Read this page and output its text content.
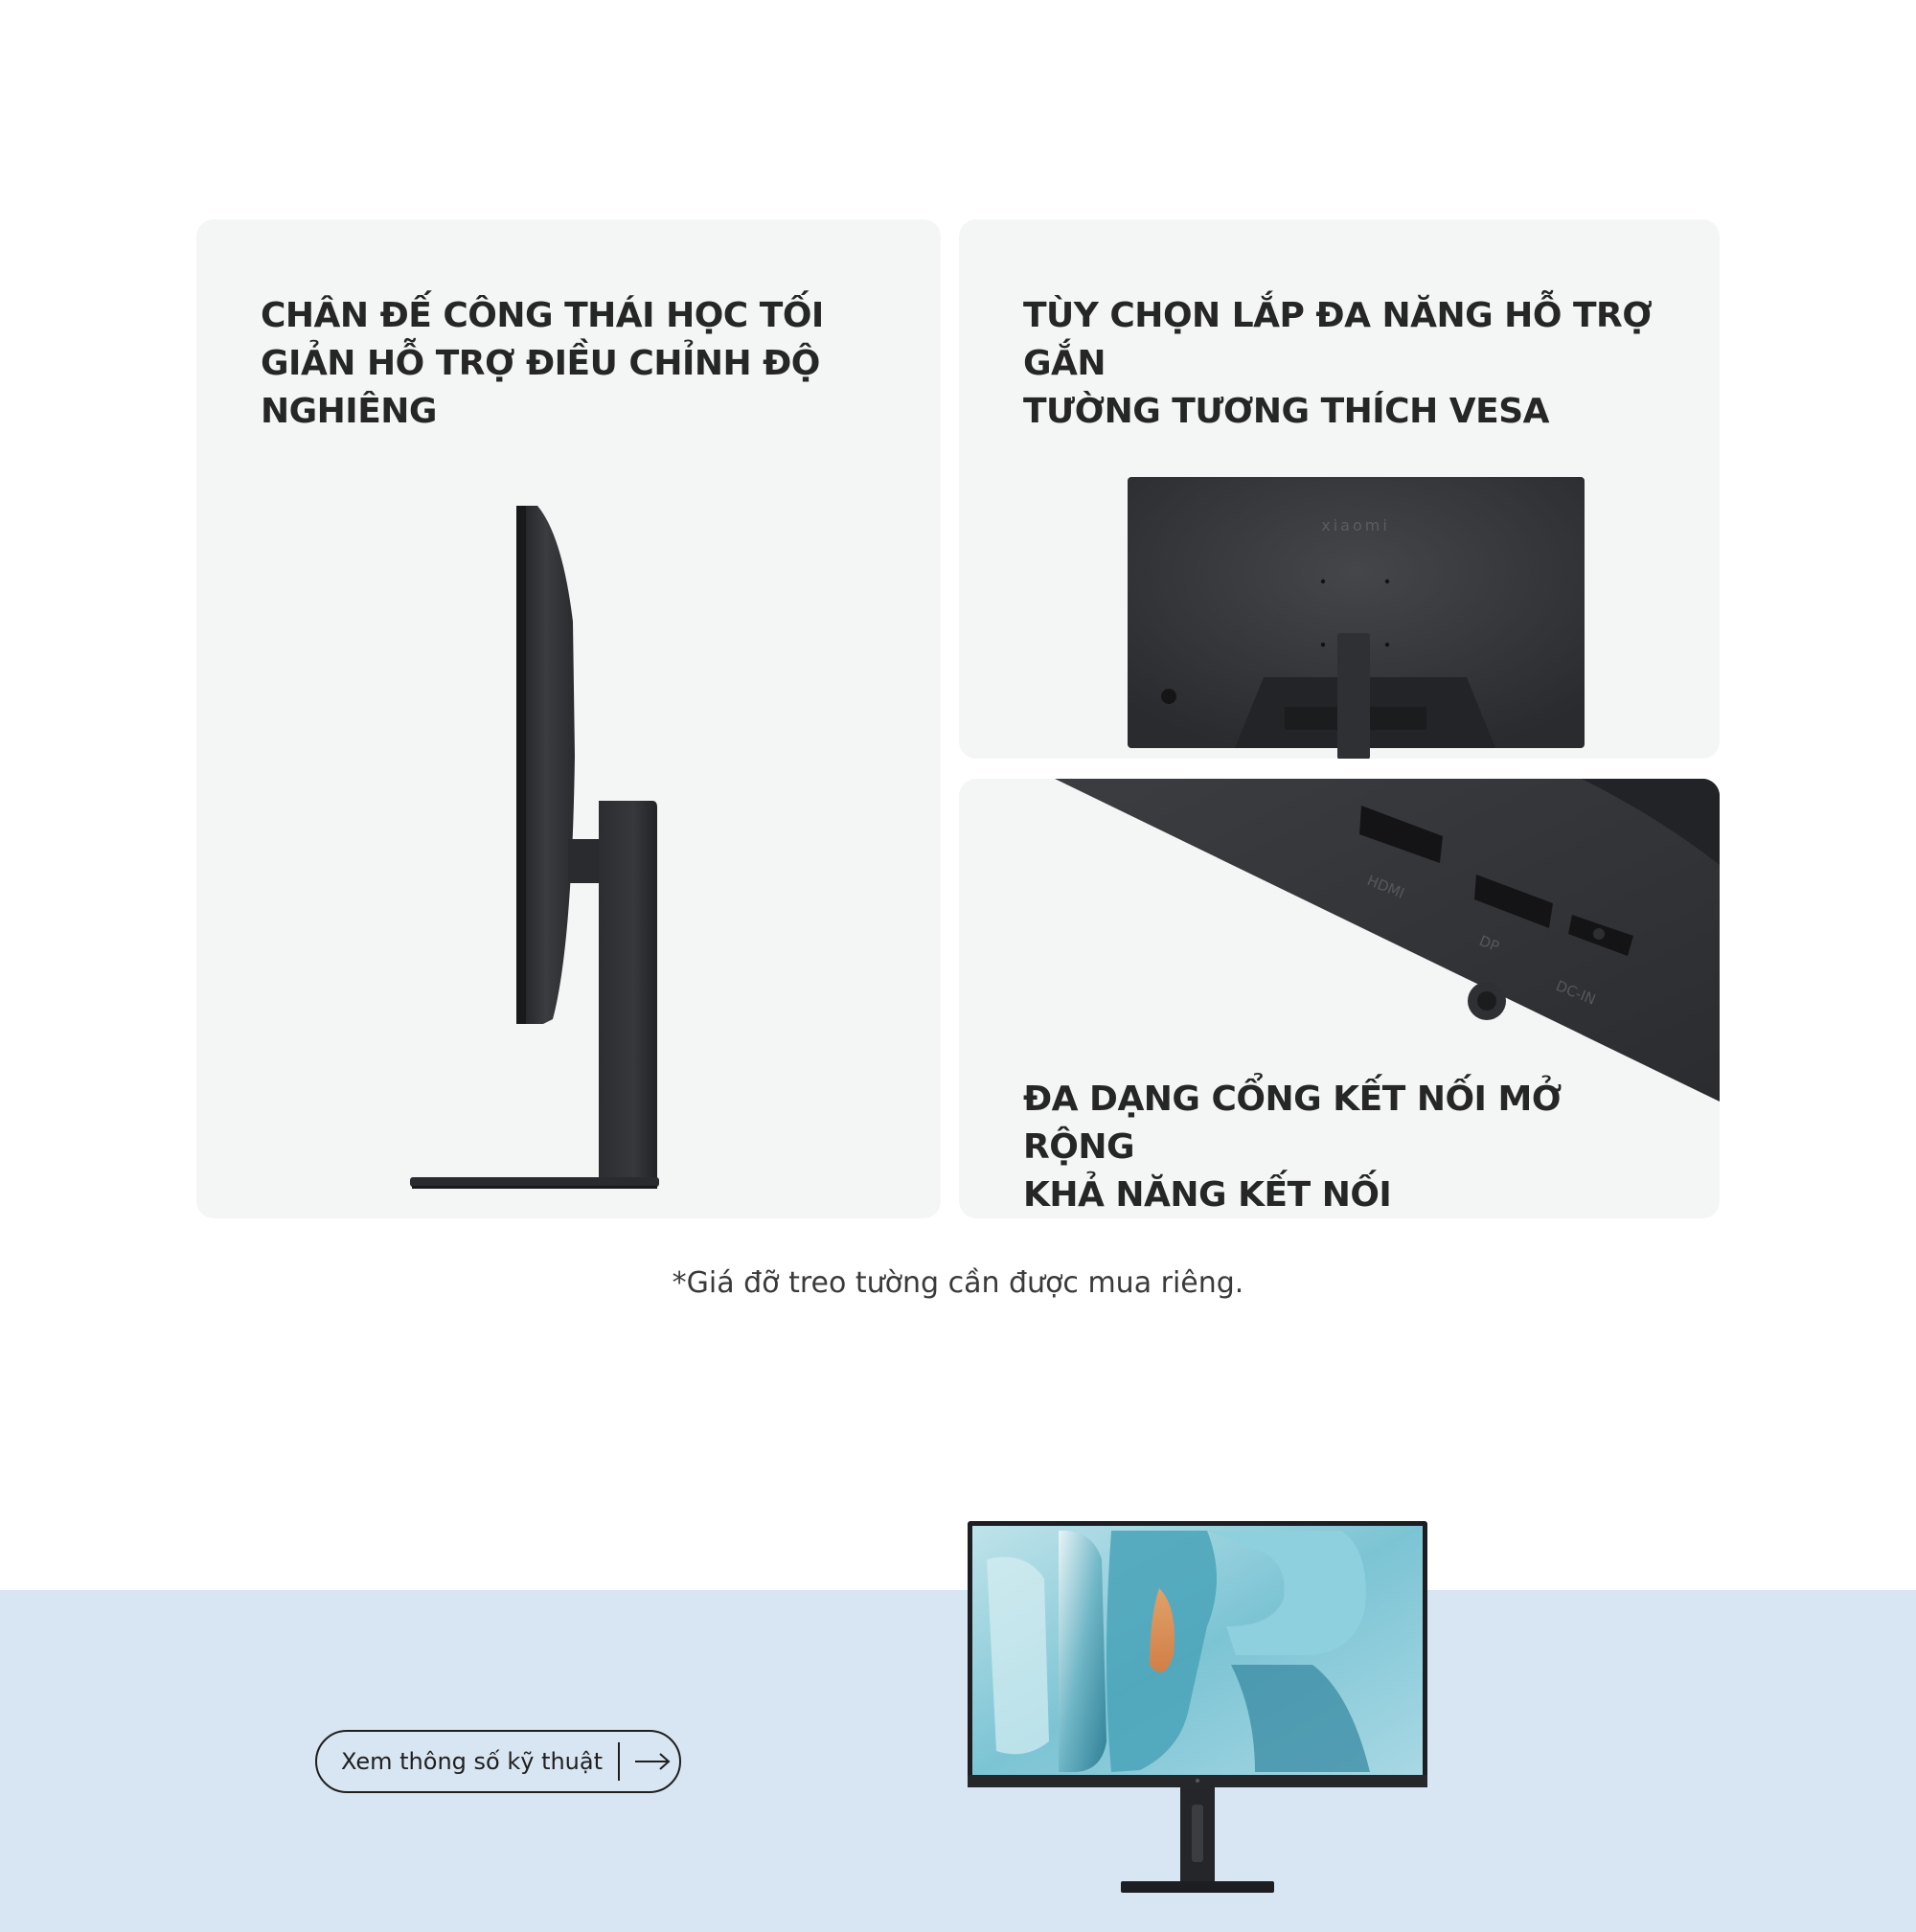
CHÂN ĐẾ CÔNG THÁI HỌC TỐI
GIẢN HỖ TRỢ ĐIỀU CHỈNH ĐỘ
NGHIÊNG
TÙY CHỌN LẮP ĐA NĂNG HỖ TRỢ GẮN
TƯỜNG TƯƠNG THÍCH VESA
xiaomi
HDMI
DP
DC-IN
ĐA DẠNG CỔNG KẾT NỐI MỞ RỘNG
KHẢ NĂNG KẾT NỐI

*Giá đỡ treo tường cần được mua riêng.

Xem thông số kỹ thuật
